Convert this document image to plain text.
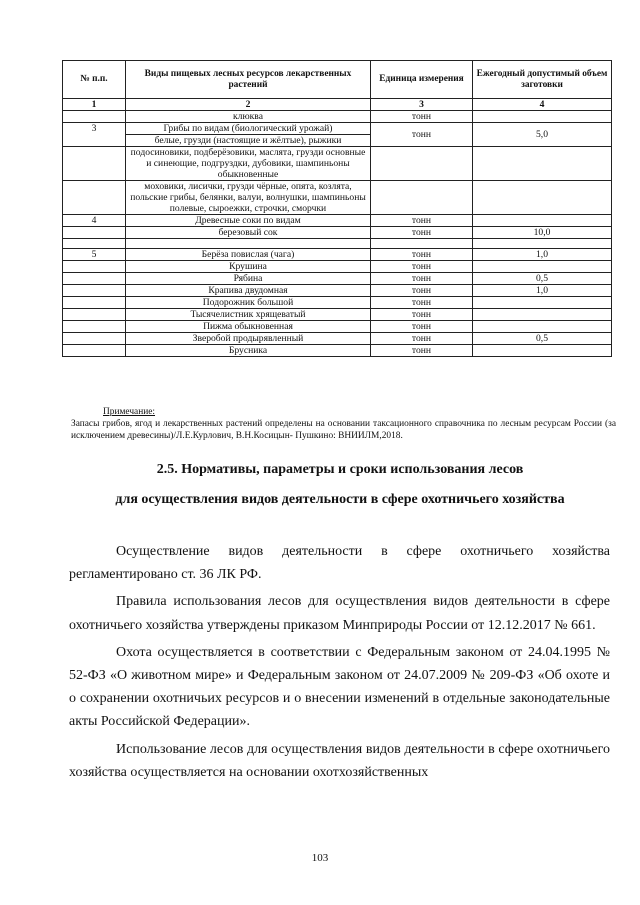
№ п.п.	Виды пищевых лесных ресурсов лекарственных растений	Единица измерения	Ежегодный допустимый объем заготовки
1	2	3	4
	клюква	тонн	
3	Грибы по видам (биологический урожай)	тонн	5,0
	белые, грузди (настоящие и жёлтые), рыжики		
	подосиновики, подберёзовики, маслята, грузди основные и синеющие, подгруздки, дубовики, шампиньоны обыкновенные		
	моховики, лисички, грузди чёрные, опята, козлята, польские грибы, белянки, валуи, волнушки, шампиньоны полевые, сыроежки, строчки, сморчки		
4	Древесные соки по видам	тонн	
	березовый сок	тонн	10,0

5	Берёза повислая (чага)	тонн	1,0
	Крушина	тонн	
	Рябина	тонн	0,5
	Крапива двудомная	тонн	1,0
	Подорожник большой	тонн	
	Тысячелистник хрящеватый	тонн	
	Пижма обыкновенная	тонн	
	Зверобой продырявленный	тонн	0,5
	Брусника	тонн	
Примечание:
Запасы грибов, ягод и лекарственных растений определены на основании таксационного справочника по лесным ресурсам России (за исключением древесины)/Л.Е.Курлович, В.Н.Косицын- Пушкино: ВНИИЛМ,2018.
2.5. Нормативы, параметры и сроки использования лесов
для осуществления видов деятельности в сфере охотничьего хозяйства

Осуществление видов деятельности в сфере охотничьего хозяйства регламентировано ст. 36 ЛК РФ.

Правила использования лесов для осуществления видов деятельности в сфере охотничьего хозяйства утверждены приказом Минприроды России от 12.12.2017 № 661.

Охота осуществляется в соответствии с Федеральным законом от 24.04.1995 № 52-ФЗ «О животном мире» и Федеральным законом от 24.07.2009 № 209-ФЗ «Об охоте и о сохранении охотничьих ресурсов и о внесении изменений в отдельные законодательные акты Российской Федерации».

Использование лесов для осуществления видов деятельности в сфере охотничьего хозяйства осуществляется на основании охотхозяйственных

103
